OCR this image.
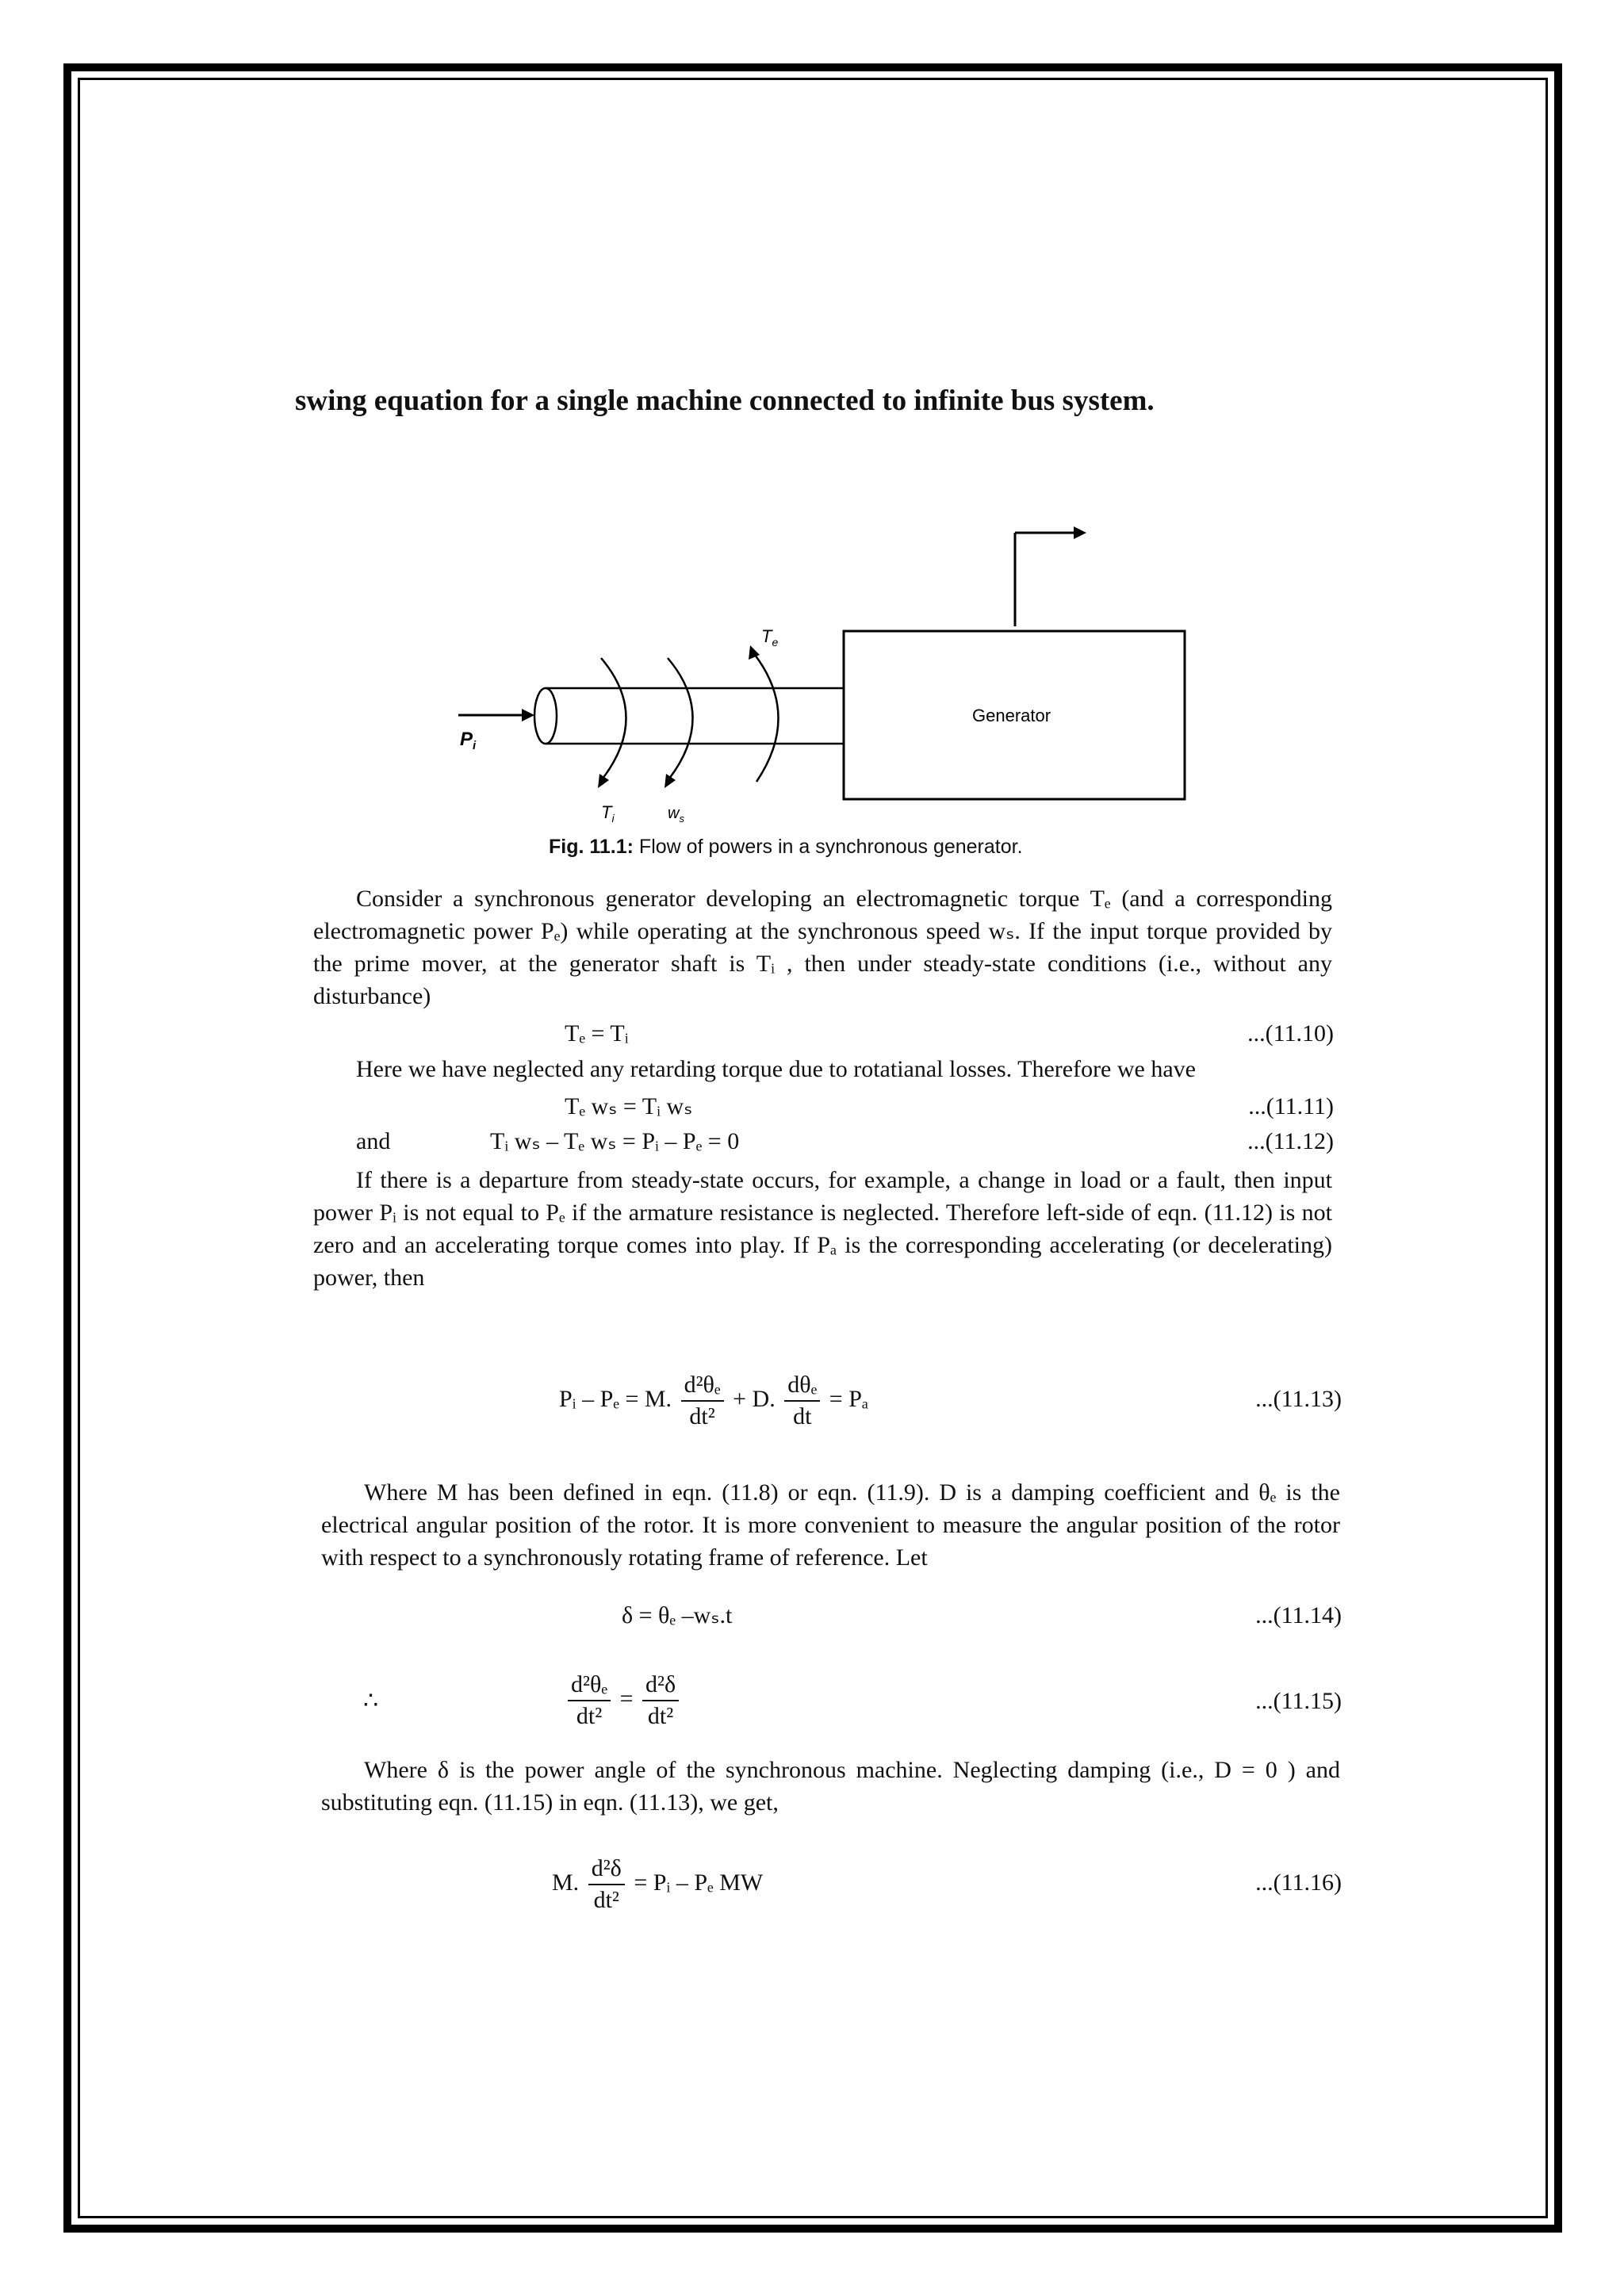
swing equation for a single machine connected to infinite bus system.
Generator
$P_i$
$T_e$
$T_i$	$w_s$
Fig. 11.1: Flow of powers in a synchronous generator.
Consider a synchronous generator developing an electromagnetic torque Tₑ (and a corresponding electromagnetic power Pₑ) while operating at the synchronous speed wₛ. If the input torque provided by the prime mover, at the generator shaft is Tᵢ , then under steady-state conditions (i.e., without any disturbance)
Tₑ = Tᵢ	...(11.10)
Here we have neglected any retarding torque due to rotatianal losses. Therefore we have
Tₑ wₛ = Tᵢ wₛ	...(11.11)
and	Tᵢ wₛ – Tₑ wₛ = Pᵢ – Pₑ = 0	...(11.12)
If there is a departure from steady-state occurs, for example, a change in load or a fault, then input power Pᵢ is not equal to Pₑ if the armature resistance is neglected. Therefore left-side of eqn. (11.12) is not zero and an accelerating torque comes into play. If Pₐ is the corresponding accelerating (or decelerating) power, then
Pᵢ – Pₑ = M. $\frac{\text{d²θₑ}}{\text{dt²}} + D$. $\frac{\text{dθₑ}}{dt} = P_a$	...(11.13)
Where M has been defined in eqn. (11.8) or eqn. (11.9). D is a damping coefficient and θₑ is the electrical angular position of the rotor. It is more convenient to measure the angular position of the rotor with respect to a synchronously rotating frame of reference. Let
δ = θₑ –wₛ.t	...(11.14)
∴	$\frac{\text{d²θₑ}}{\text{dt²}} = \frac{\text{d²δ}}{\text{dt²}}$	...(11.15)
Where δ is the power angle of the synchronous machine. Neglecting damping (i.e., D = 0 ) and substituting eqn. (11.15) in eqn. (11.13), we get,
M. $\frac{\text{d²δ}}{\text{dt²}}$ = Pᵢ – Pₑ MW	...(11.16)
